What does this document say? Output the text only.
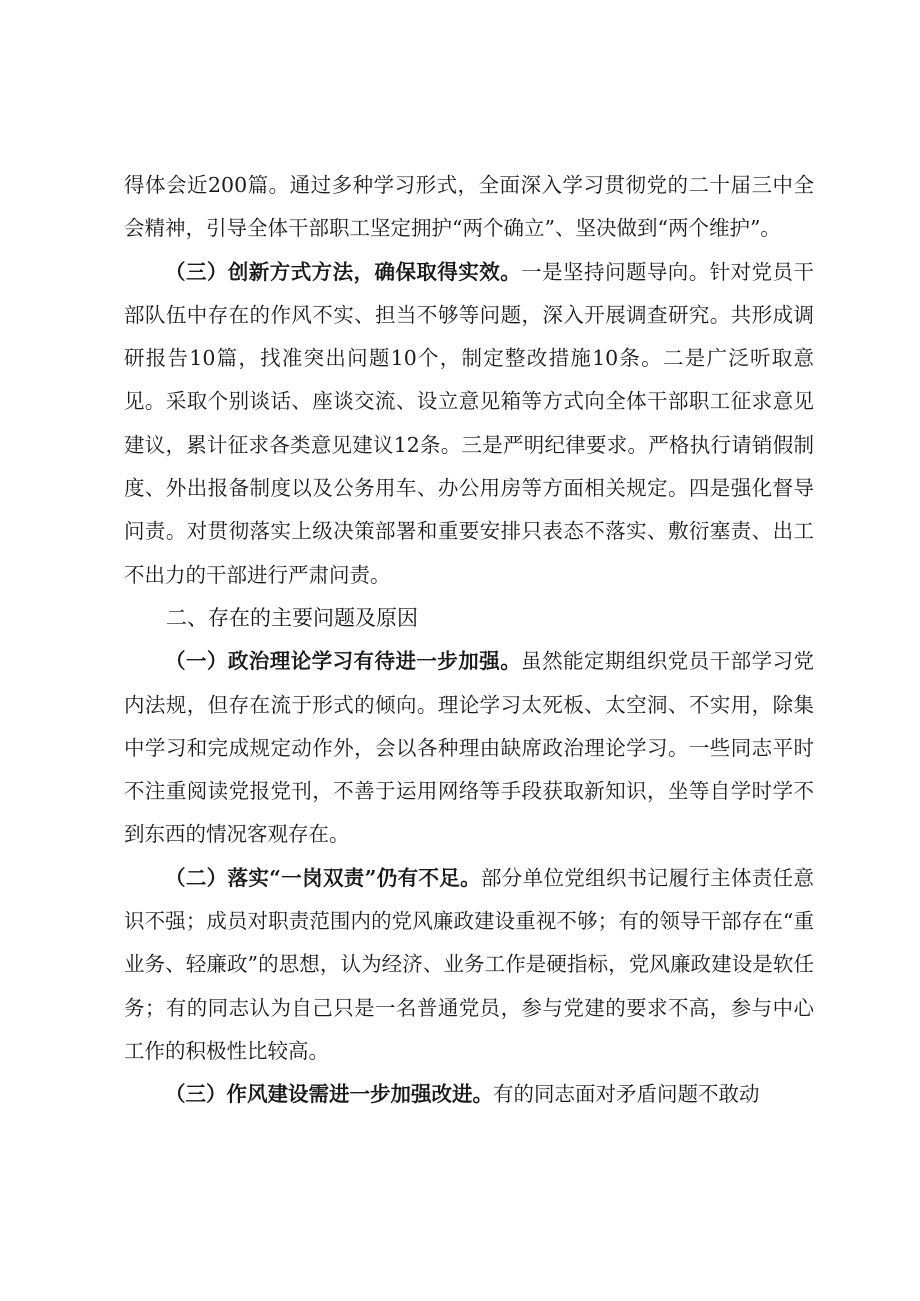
得体会近200篇。通过多种学习形式，全面深入学习贯彻党的二十届三中全会精神，引导全体干部职工坚定拥护“两个确立”、坚决做到“两个维护”。

（三）创新方式方法，确保取得实效。一是坚持问题导向。针对党员干部队伍中存在的作风不实、担当不够等问题，深入开展调查研究。共形成调研报告10篇，找准突出问题10个，制定整改措施10条。二是广泛听取意见。采取个别谈话、座谈交流、设立意见箱等方式向全体干部职工征求意见建议，累计征求各类意见建议12条。三是严明纪律要求。严格执行请销假制度、外出报备制度以及公务用车、办公用房等方面相关规定。四是强化督导问责。对贯彻落实上级决策部署和重要安排只表态不落实、敷衍塞责、出工不出力的干部进行严肃问责。

二、存在的主要问题及原因

（一）政治理论学习有待进一步加强。虽然能定期组织党员干部学习党内法规，但存在流于形式的倾向。理论学习太死板、太空洞、不实用，除集中学习和完成规定动作外，会以各种理由缺席政治理论学习。一些同志平时不注重阅读党报党刊，不善于运用网络等手段获取新知识，坐等自学时学不到东西的情况客观存在。

（二）落实“一岗双责”仍有不足。部分单位党组织书记履行主体责任意识不强；成员对职责范围内的党风廉政建设重视不够；有的领导干部存在“重业务、轻廉政”的思想，认为经济、业务工作是硬指标，党风廉政建设是软任务；有的同志认为自己只是一名普通党员，参与党建的要求不高，参与中心工作的积极性比较高。

（三）作风建设需进一步加强改进。有的同志面对矛盾问题不敢动
